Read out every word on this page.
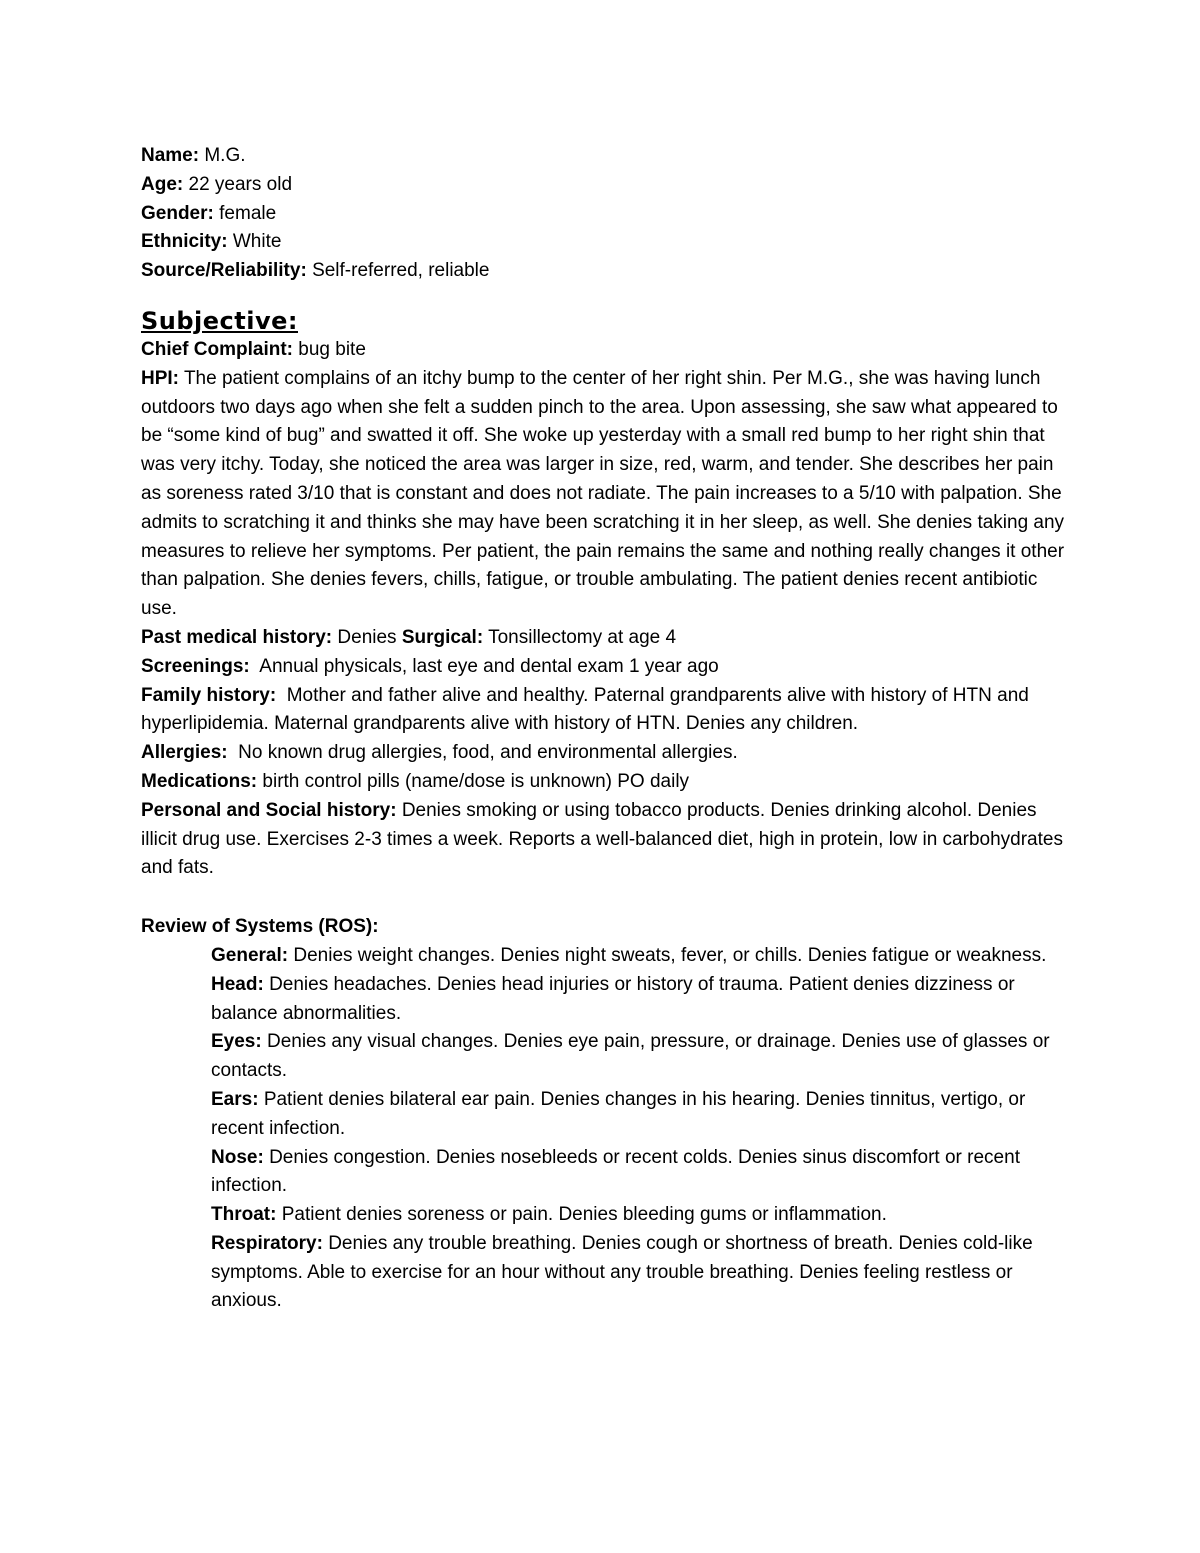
Name: M.G.

Age: 22 years old

Gender: female

Ethnicity: White

Source/Reliability: Self-referred, reliable

Subjective:

Chief Complaint: bug bite

HPI: The patient complains of an itchy bump to the center of her right shin. Per M.G., she was having lunch outdoors two days ago when she felt a sudden pinch to the area. Upon assessing, she saw what appeared to be “some kind of bug” and swatted it off. She woke up yesterday with a small red bump to her right shin that was very itchy. Today, she noticed the area was larger in size, red, warm, and tender. She describes her pain as soreness rated 3/10 that is constant and does not radiate. The pain increases to a 5/10 with palpation. She admits to scratching it and thinks she may have been scratching it in her sleep, as well. She denies taking any measures to relieve her symptoms. Per patient, the pain remains the same and nothing really changes it other than palpation. She denies fevers, chills, fatigue, or trouble ambulating. The patient denies recent antibiotic use.

Past medical history: Denies Surgical: Tonsillectomy at age 4

Screenings: Annual physicals, last eye and dental exam 1 year ago

Family history: Mother and father alive and healthy. Paternal grandparents alive with history of HTN and hyperlipidemia. Maternal grandparents alive with history of HTN. Denies any children.

Allergies: No known drug allergies, food, and environmental allergies.

Medications: birth control pills (name/dose is unknown) PO daily

Personal and Social history: Denies smoking or using tobacco products. Denies drinking alcohol. Denies illicit drug use. Exercises 2-3 times a week. Reports a well-balanced diet, high in protein, low in carbohydrates and fats.

Review of Systems (ROS):

General: Denies weight changes. Denies night sweats, fever, or chills. Denies fatigue or weakness.
Head: Denies headaches. Denies head injuries or history of trauma. Patient denies dizziness or balance abnormalities.
Eyes: Denies any visual changes. Denies eye pain, pressure, or drainage. Denies use of glasses or contacts.
Ears: Patient denies bilateral ear pain. Denies changes in his hearing. Denies tinnitus, vertigo, or recent infection.
Nose: Denies congestion. Denies nosebleeds or recent colds. Denies sinus discomfort or recent infection.
Throat: Patient denies soreness or pain. Denies bleeding gums or inflammation.
Respiratory: Denies any trouble breathing. Denies cough or shortness of breath. Denies cold-like symptoms. Able to exercise for an hour without any trouble breathing. Denies feeling restless or anxious.
